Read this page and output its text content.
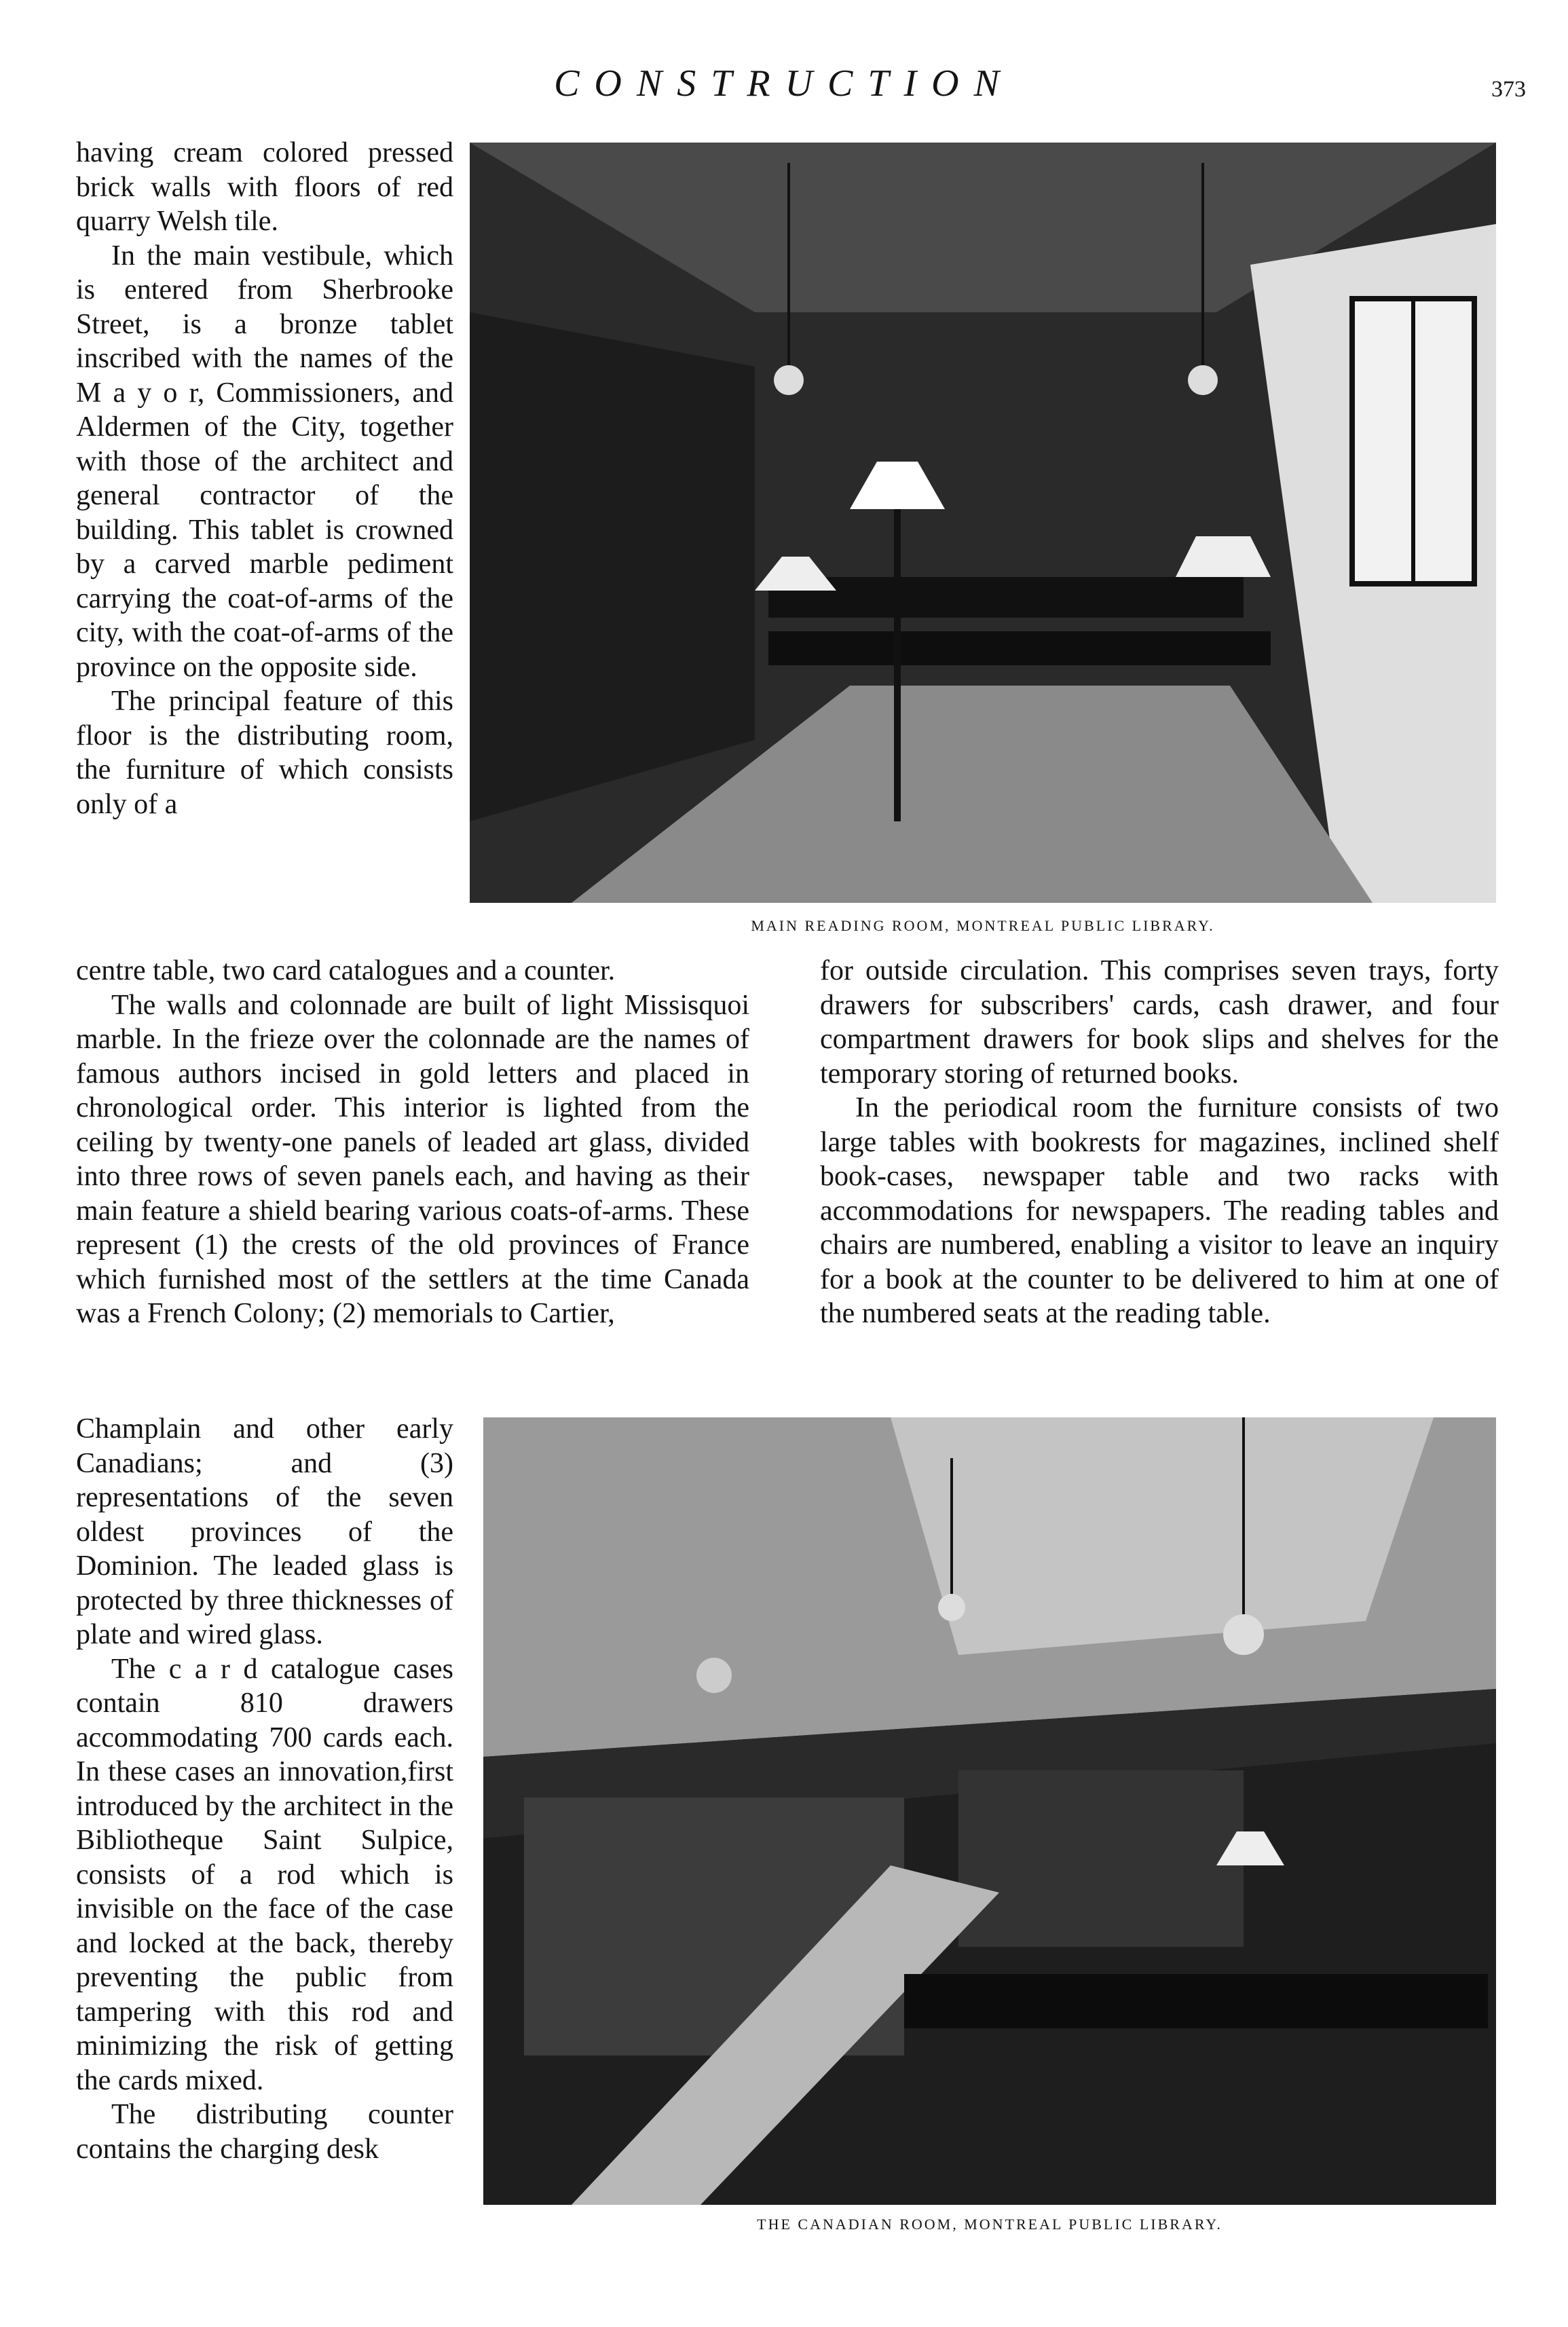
CONSTRUCTION	373

having cream colored pressed brick walls with floors of red quarry Welsh tile.

In the main vestibule, which is entered from Sherbrooke Street, is a bronze tablet inscribed with the names of the M a y o r, Commissioners, and Aldermen of the City, together with those of the architect and general contractor of the building. This tablet is crowned by a carved marble pediment carrying the coat-of-arms of the city, with the coat-of-arms of the province on the opposite side.

The principal feature of this floor is the distributing room, the furniture of which consists only of a

MAIN READING ROOM, MONTREAL PUBLIC LIBRARY.

centre table, two card catalogues and a counter.

The walls and colonnade are built of light Missisquoi marble. In the frieze over the colonnade are the names of famous authors incised in gold letters and placed in chronological order. This interior is lighted from the ceiling by twenty-one panels of leaded art glass, divided into three rows of seven panels each, and having as their main feature a shield bearing various coats-of-arms. These represent (1) the crests of the old provinces of France which furnished most of the settlers at the time Canada was a French Colony; (2) memorials to Cartier,

for outside circulation. This comprises seven trays, forty drawers for subscribers' cards, cash drawer, and four compartment drawers for book slips and shelves for the temporary storing of returned books.

In the periodical room the furniture consists of two large tables with bookrests for magazines, inclined shelf book-cases, newspaper table and two racks with accommodations for newspapers. The reading tables and chairs are numbered, enabling a visitor to leave an inquiry for a book at the counter to be delivered to him at one of the numbered seats at the reading table.

Champlain and other early Canadians; and (3) representations of the seven oldest provinces of the Dominion. The leaded glass is protected by three thicknesses of plate and wired glass.

The c a r d catalogue cases contain 810 drawers accommodating 700 cards each. In these cases an innovation,first introduced by the architect in the Bibliotheque Saint Sulpice, consists of a rod which is invisible on the face of the case and locked at the back, thereby preventing the public from tampering with this rod and minimizing the risk of getting the cards mixed.

The distributing counter contains the charging desk

THE CANADIAN ROOM, MONTREAL PUBLIC LIBRARY.
